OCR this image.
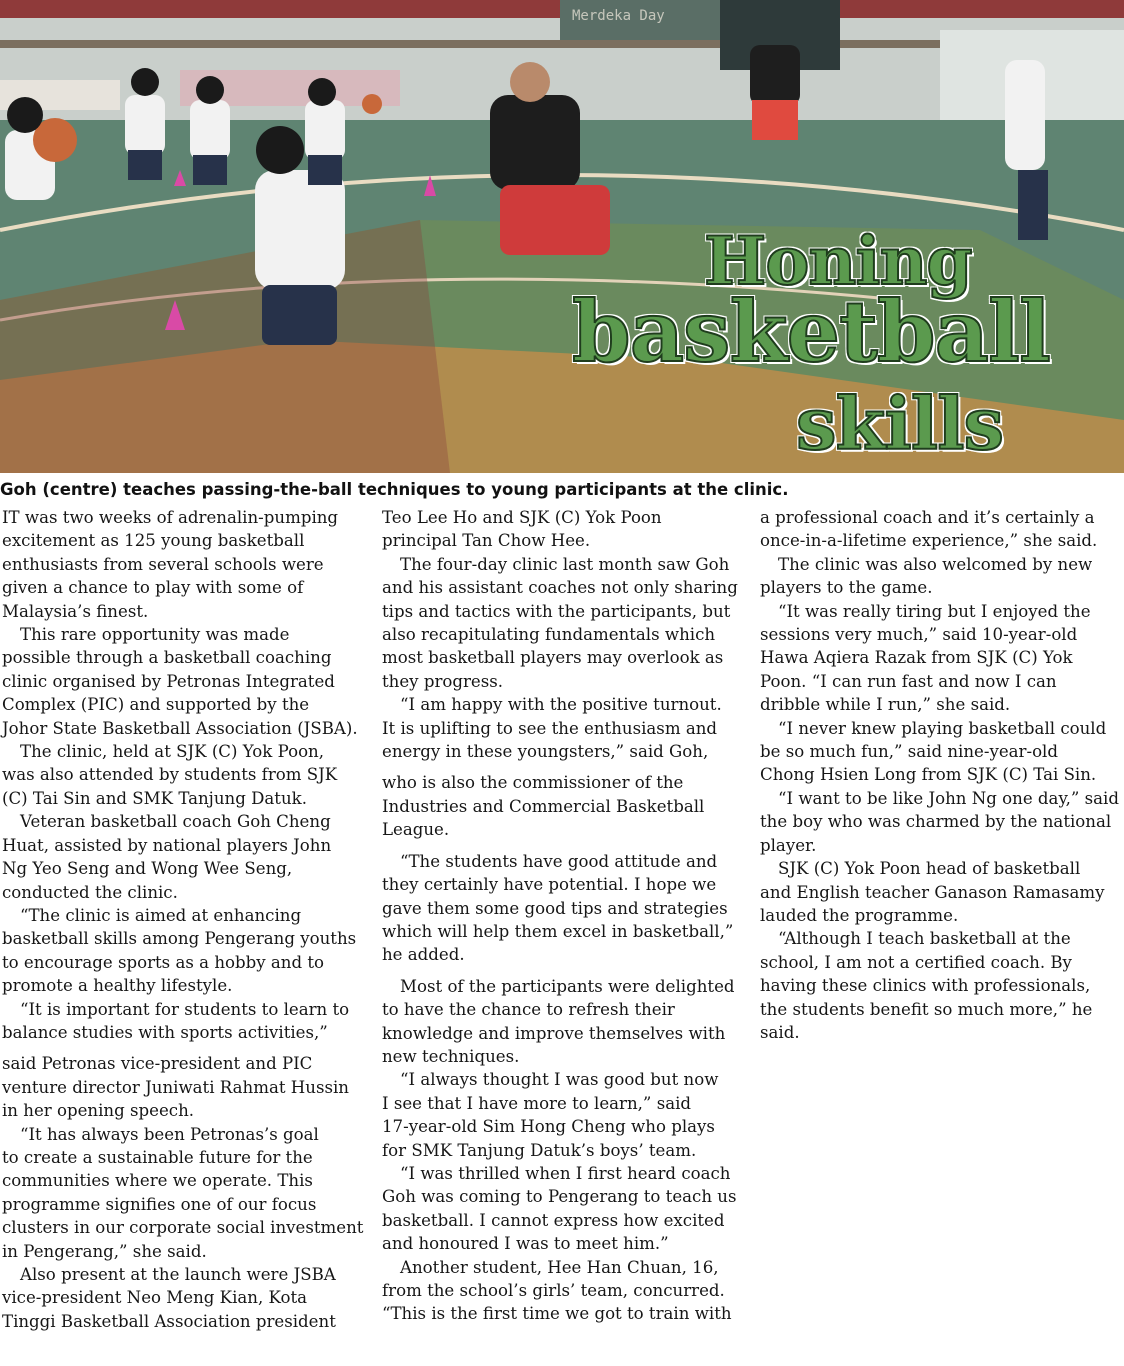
Merdeka Day
Honing
basketball
skills
Goh (centre) teaches passing-the-ball techniques to young participants at the clinic.

IT was two weeks of adrenalin-pumping

excitement as 125 young basketball

enthusiasts from several schools were

given a chance to play with some of

Malaysia’s finest.

This rare opportunity was made

possible through a basketball coaching

clinic organised by Petronas Integrated

Complex (PIC) and supported by the

Johor State Basketball Association (JSBA).

The clinic, held at SJK (C) Yok Poon,

was also attended by students from SJK

(C) Tai Sin and SMK Tanjung Datuk.

Veteran basketball coach Goh Cheng

Huat, assisted by national players John

Ng Yeo Seng and Wong Wee Seng,

conducted the clinic.

“The clinic is aimed at enhancing

basketball skills among Pengerang youths

to encourage sports as a hobby and to

promote a healthy lifestyle.

“It is important for students to learn to

balance studies with sports activities,”

said Petronas vice-president and PIC

venture director Juniwati Rahmat Hussin

in her opening speech.

“It has always been Petronas’s goal

to create a sustainable future for the

communities where we operate. This

programme signifies one of our focus

clusters in our corporate social investment

in Pengerang,” she said.

Also present at the launch were JSBA

vice-president Neo Meng Kian, Kota

Tinggi Basketball Association president

Teo Lee Ho and SJK (C) Yok Poon

principal Tan Chow Hee.

The four-day clinic last month saw Goh

and his assistant coaches not only sharing

tips and tactics with the participants, but

also recapitulating fundamentals which

most basketball players may overlook as

they progress.

“I am happy with the positive turnout.

It is uplifting to see the enthusiasm and

energy in these youngsters,” said Goh,

who is also the commissioner of the

Industries and Commercial Basketball

League.

“The students have good attitude and

they certainly have potential. I hope we

gave them some good tips and strategies

which will help them excel in basketball,”

he added.

Most of the participants were delighted

to have the chance to refresh their

knowledge and improve themselves with

new techniques.

“I always thought I was good but now

I see that I have more to learn,” said

17-year-old Sim Hong Cheng who plays

for SMK Tanjung Datuk’s boys’ team.

“I was thrilled when I first heard coach

Goh was coming to Pengerang to teach us

basketball. I cannot express how excited

and honoured I was to meet him.”

Another student, Hee Han Chuan, 16,

from the school’s girls’ team, concurred.

“This is the first time we got to train with

a professional coach and it’s certainly a

once-in-a-lifetime experience,” she said.

The clinic was also welcomed by new

players to the game.

“It was really tiring but I enjoyed the

sessions very much,” said 10-year-old

Hawa Aqiera Razak from SJK (C) Yok

Poon. “I can run fast and now I can

dribble while I run,” she said.

“I never knew playing basketball could

be so much fun,” said nine-year-old

Chong Hsien Long from SJK (C) Tai Sin.

“I want to be like John Ng one day,” said

the boy who was charmed by the national

player.

SJK (C) Yok Poon head of basketball

and English teacher Ganason Ramasamy

lauded the programme.

“Although I teach basketball at the

school, I am not a certified coach. By

having these clinics with professionals,

the students benefit so much more,” he

said.
